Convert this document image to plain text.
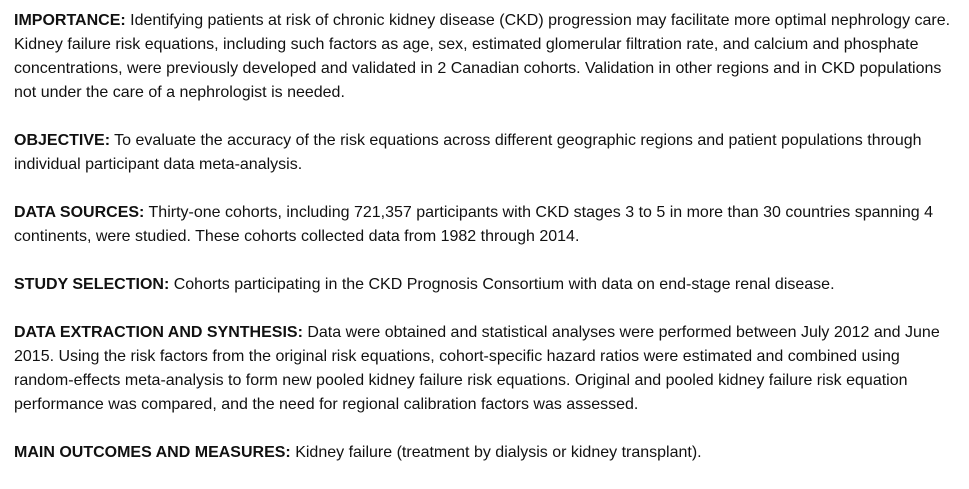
IMPORTANCE: Identifying patients at risk of chronic kidney disease (CKD) progression may facilitate more optimal nephrology care. Kidney failure risk equations, including such factors as age, sex, estimated glomerular filtration rate, and calcium and phosphate concentrations, were previously developed and validated in 2 Canadian cohorts. Validation in other regions and in CKD populations not under the care of a nephrologist is needed.

OBJECTIVE: To evaluate the accuracy of the risk equations across different geographic regions and patient populations through individual participant data meta-analysis.

DATA SOURCES: Thirty-one cohorts, including 721,357 participants with CKD stages 3 to 5 in more than 30 countries spanning 4 continents, were studied. These cohorts collected data from 1982 through 2014.

STUDY SELECTION: Cohorts participating in the CKD Prognosis Consortium with data on end-stage renal disease.

DATA EXTRACTION AND SYNTHESIS: Data were obtained and statistical analyses were performed between July 2012 and June 2015. Using the risk factors from the original risk equations, cohort-specific hazard ratios were estimated and combined using random-effects meta-analysis to form new pooled kidney failure risk equations. Original and pooled kidney failure risk equation performance was compared, and the need for regional calibration factors was assessed.

MAIN OUTCOMES AND MEASURES: Kidney failure (treatment by dialysis or kidney transplant).
